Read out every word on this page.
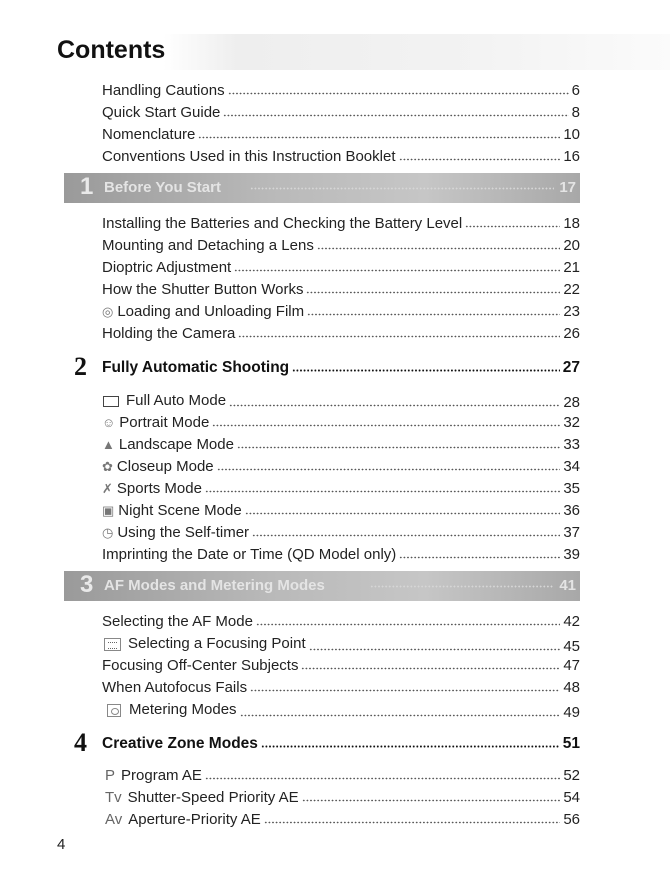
Contents
Handling Cautions	6
Quick Start Guide	8
Nomenclature	10
Conventions Used in this Instruction Booklet	16
1 Before You Start	17
Installing the Batteries and Checking the Battery Level	18
Mounting and Detaching a Lens	20
Dioptric Adjustment	21
How the Shutter Button Works	22
◎ Loading and Unloading Film	23
Holding the Camera	26
2 Fully Automatic Shooting	27
Full Auto Mode	28
☺ Portrait Mode	32
▲ Landscape Mode	33
✿ Closeup Mode	34
✗ Sports Mode	35
▣ Night Scene Mode	36
◷ Using the Self-timer	37
Imprinting the Date or Time (QD Model only)	39
3 AF Modes and Metering Modes	41
Selecting the AF Mode	42
Selecting a Focusing Point	45
Focusing Off-Center Subjects	47
When Autofocus Fails	48
Metering Modes	49
4 Creative Zone Modes	51
P Program AE	52
Tv Shutter-Speed Priority AE	54
Av Aperture-Priority AE	56
4
